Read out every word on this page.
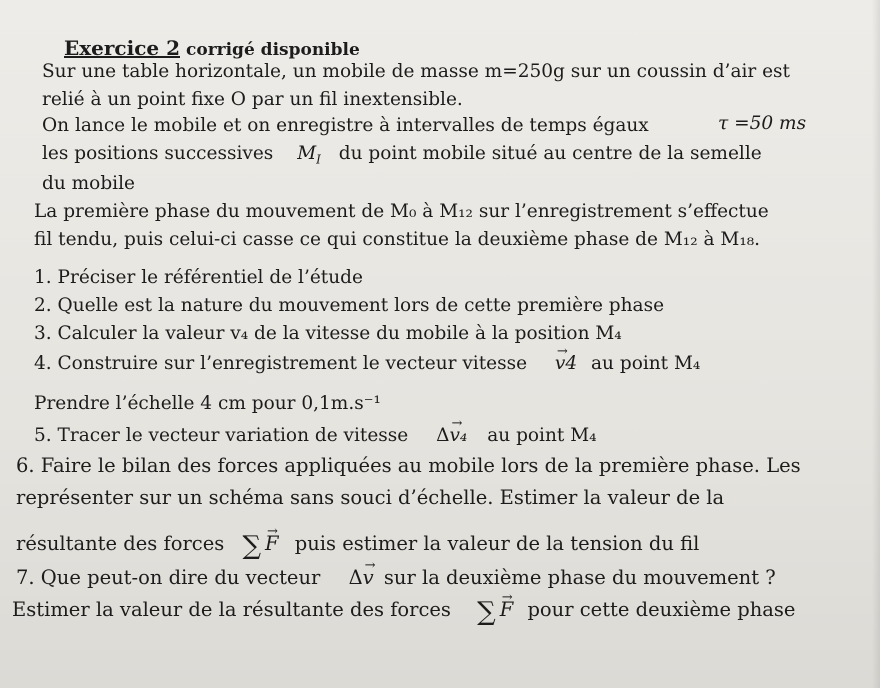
Exercice 2 corrigé disponible
Sur une table horizontale, un mobile de masse m=250g sur un coussin d’air est
relié à un point fixe O par un fil inextensible.
On lance le mobile et on enregistre à intervalles de temps égaux	τ =50 ms
les positions successives $M_I$ du point mobile situé au centre de la semelle
du mobile
La première phase du mouvement de M₀ à M₁₂ sur l’enregistrement s’effectue
fil tendu, puis celui-ci casse ce qui constitue la deuxième phase de M₁₂ à M₁₈.
1. Préciser le référentiel de l’étude
2. Quelle est la nature du mouvement lors de cette première phase
3. Calculer la valeur v₄ de la vitesse du mobile à la position M₄
4. Construire sur l’enregistrement le vecteur vitesse → v4 au point M₄
Prendre l’échelle 4 cm pour 0,1m.s⁻¹
5. Tracer le vecteur variation de vitesse Δ→ v₄ au point M₄
6. Faire le bilan des forces appliquées au mobile lors de la première phase. Les
représenter sur un schéma sans souci d’échelle. Estimer la valeur de la
résultante des forces ∑ → F puis estimer la valeur de la tension du fil
7. Que peut-on dire du vecteur Δ→ v sur la deuxième phase du mouvement ?
Estimer la valeur de la résultante des forces ∑ → F pour cette deuxième phase
